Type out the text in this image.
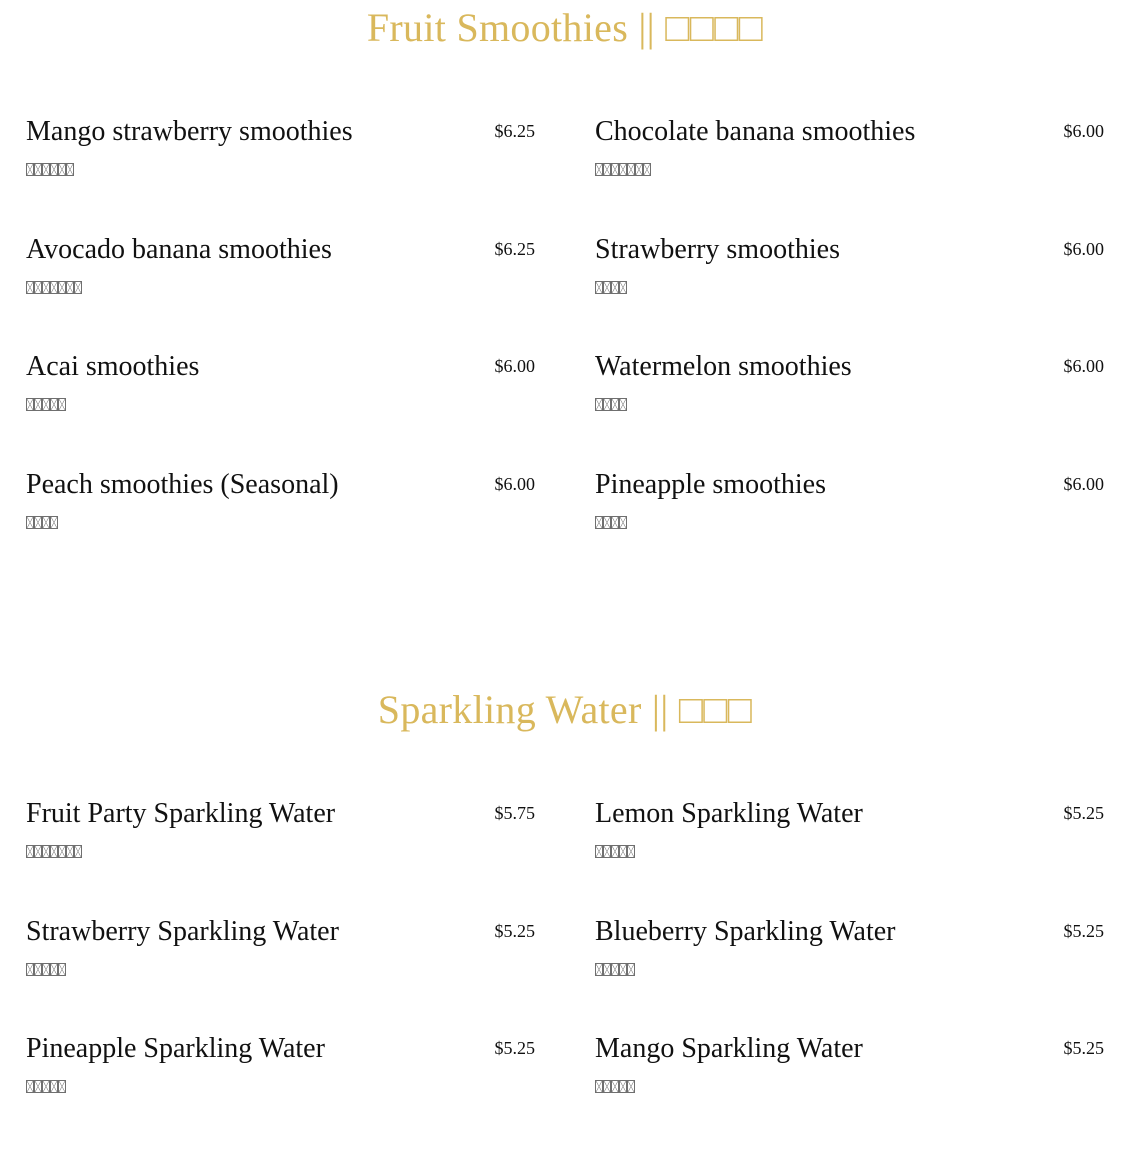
Fruit Smoothies || □□□□
Mango strawberry smoothies	$6.25 Chocolate banana smoothies	$6.00
Avocado banana smoothies	$6.25 Strawberry smoothies	$6.00
Acai smoothies	$6.00 Watermelon smoothies	$6.00
Peach smoothies (Seasonal)	$6.00 Pineapple smoothies	$6.00
Sparkling Water || □□□
Fruit Party Sparkling Water	$5.75 Lemon Sparkling Water	$5.25
Strawberry Sparkling Water	$5.25 Blueberry Sparkling Water	$5.25
Pineapple Sparkling Water	$5.25 Mango Sparkling Water	$5.25
